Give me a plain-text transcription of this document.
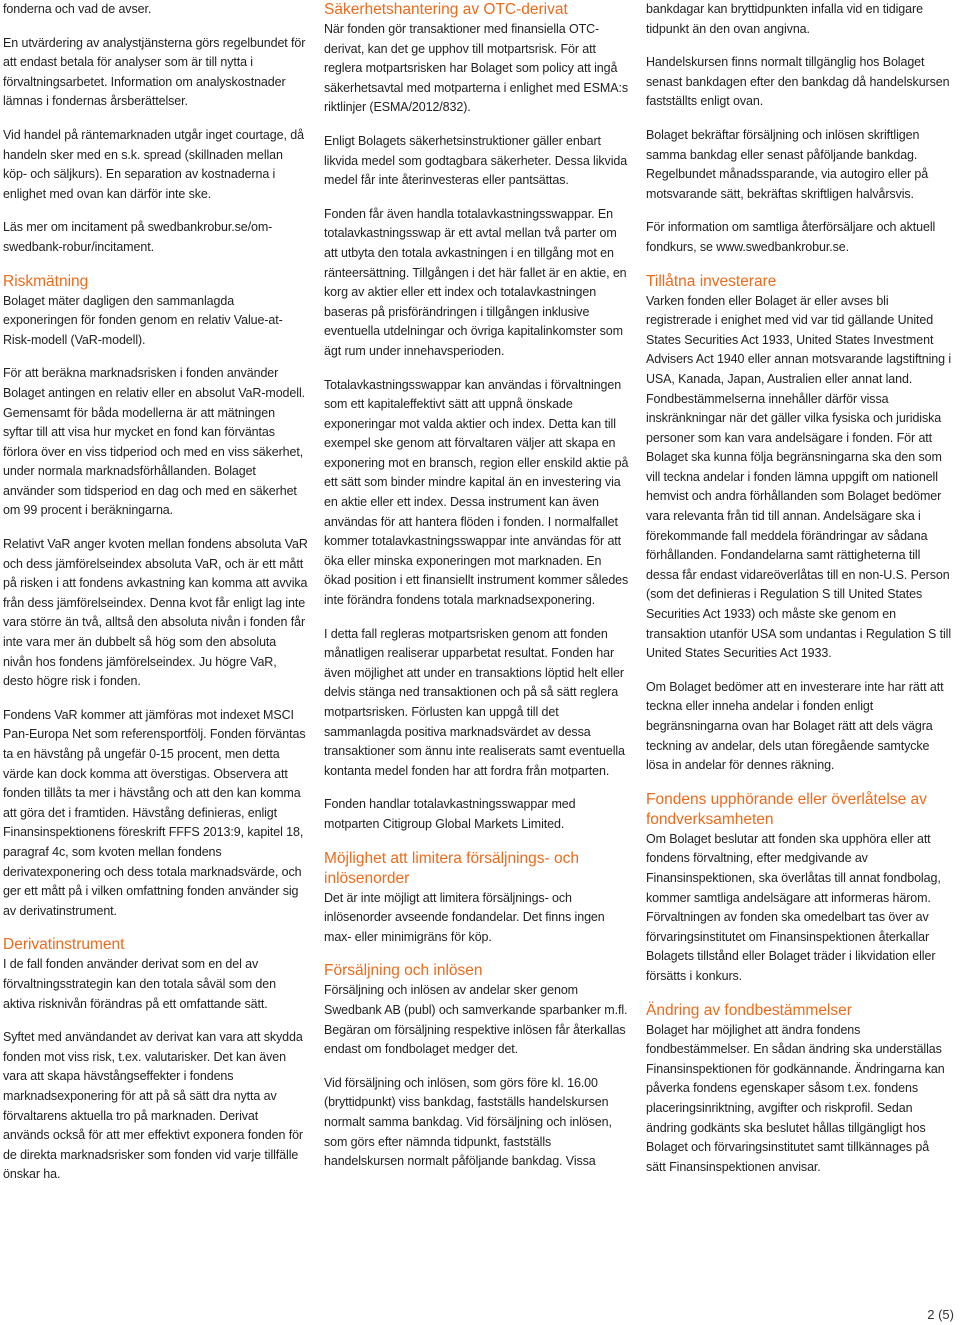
fonderna och vad de avser.

En utvärdering av analystjänsterna görs regelbundet för att endast betala för analyser som är till nytta i förvaltningsarbetet. Information om analyskostnader lämnas i fondernas årsberättelser.

Vid handel på räntemarknaden utgår inget courtage, då handeln sker med en s.k. spread (skillnaden mellan köp- och säljkurs). En separation av kostnaderna i enlighet med ovan kan därför inte ske.

Läs mer om incitament på swedbankrobur.se/om-swedbank-robur/incitament.

Riskmätning

Bolaget mäter dagligen den sammanlagda exponeringen för fonden genom en relativ Value-at-Risk-modell (VaR-modell).

För att beräkna marknadsrisken i fonden använder Bolaget antingen en relativ eller en absolut VaR-modell. Gemensamt för båda modellerna är att mätningen syftar till att visa hur mycket en fond kan förväntas förlora över en viss tidperiod och med en viss säkerhet, under normala marknadsförhållanden. Bolaget använder som tidsperiod en dag och med en säkerhet om 99 procent i beräkningarna.

Relativt VaR anger kvoten mellan fondens absoluta VaR och dess jämförelseindex absoluta VaR, och är ett mått på risken i att fondens avkastning kan komma att avvika från dess jämförelseindex. Denna kvot får enligt lag inte vara större än två, alltså den absoluta nivån i fonden får inte vara mer än dubbelt så hög som den absoluta nivån hos fondens jämförelseindex. Ju högre VaR, desto högre risk i fonden.

Fondens VaR kommer att jämföras mot indexet MSCI Pan-Europa Net som referensportfölj. Fonden förväntas ta en hävstång på ungefär 0-15 procent, men detta värde kan dock komma att överstigas. Observera att fonden tillåts ta mer i hävstång och att den kan komma att göra det i framtiden. Hävstång definieras, enligt Finansinspektionens föreskrift FFFS 2013:9, kapitel 18, paragraf 4c, som kvoten mellan fondens derivatexponering och dess totala marknadsvärde, och ger ett mått på i vilken omfattning fonden använder sig av derivatinstrument.

Derivatinstrument

I de fall fonden använder derivat som en del av förvaltningsstrategin kan den totala såväl som den aktiva risknivån förändras på ett omfattande sätt.

Syftet med användandet av derivat kan vara att skydda fonden mot viss risk, t.ex. valutarisker. Det kan även vara att skapa hävstångseffekter i fondens marknadsexponering för att på så sätt dra nytta av förvaltarens aktuella tro på marknaden. Derivat används också för att mer effektivt exponera fonden för de direkta marknadsrisker som fonden vid varje tillfälle önskar ha.

Säkerhetshantering av OTC-derivat

När fonden gör transaktioner med finansiella OTC-derivat, kan det ge upphov till motpartsrisk. För att reglera motpartsrisken har Bolaget som policy att ingå säkerhetsavtal med motparterna i enlighet med ESMA:s riktlinjer (ESMA/2012/832).

Enligt Bolagets säkerhetsinstruktioner gäller enbart likvida medel som godtagbara säkerheter. Dessa likvida medel får inte återinvesteras eller pantsättas.

Fonden får även handla totalavkastningsswappar. En totalavkastningsswap är ett avtal mellan två parter om att utbyta den totala avkastningen i en tillgång mot en ränteersättning. Tillgången i det här fallet är en aktie, en korg av aktier eller ett index och totalavkastningen baseras på prisförändringen i tillgången inklusive eventuella utdelningar och övriga kapitalinkomster som ägt rum under innehavsperioden.

Totalavkastningsswappar kan användas i förvaltningen som ett kapitaleffektivt sätt att uppnå önskade exponeringar mot valda aktier och index. Detta kan till exempel ske genom att förvaltaren väljer att skapa en exponering mot en bransch, region eller enskild aktie på ett sätt som binder mindre kapital än en investering via en aktie eller ett index. Dessa instrument kan även användas för att hantera flöden i fonden. I normalfallet kommer totalavkastningsswappar inte användas för att öka eller minska exponeringen mot marknaden. En ökad position i ett finansiellt instrument kommer således inte förändra fondens totala marknadsexponering.

I detta fall regleras motpartsrisken genom att fonden månatligen realiserar upparbetat resultat. Fonden har även möjlighet att under en transaktions löptid helt eller delvis stänga ned transaktionen och på så sätt reglera motpartsrisken. Förlusten kan uppgå till det sammanlagda positiva marknadsvärdet av dessa transaktioner som ännu inte realiserats samt eventuella kontanta medel fonden har att fordra från motparten.

Fonden handlar totalavkastningsswappar med motparten Citigroup Global Markets Limited.

Möjlighet att limitera försäljnings- och inlösenorder

Det är inte möjligt att limitera försäljnings- och inlösenorder avseende fondandelar. Det finns ingen max- eller minimigräns för köp.

Försäljning och inlösen

Försäljning och inlösen av andelar sker genom Swedbank AB (publ) och samverkande sparbanker m.fl. Begäran om försäljning respektive inlösen får återkallas endast om fondbolaget medger det.

Vid försäljning och inlösen, som görs före kl. 16.00 (bryttidpunkt) viss bankdag, fastställs handelskursen normalt samma bankdag. Vid försäljning och inlösen, som görs efter nämnda tidpunkt, fastställs handelskursen normalt påföljande bankdag. Vissa

bankdagar kan bryttidpunkten infalla vid en tidigare tidpunkt än den ovan angivna.

Handelskursen finns normalt tillgänglig hos Bolaget senast bankdagen efter den bankdag då handelskursen fastställts enligt ovan.

Bolaget bekräftar försäljning och inlösen skriftligen samma bankdag eller senast påföljande bankdag. Regelbundet månadssparande, via autogiro eller på motsvarande sätt, bekräftas skriftligen halvårsvis.

För information om samtliga återförsäljare och aktuell fondkurs, se www.swedbankrobur.se.

Tillåtna investerare

Varken fonden eller Bolaget är eller avses bli registrerade i enighet med vid var tid gällande United States Securities Act 1933, United States Investment Advisers Act 1940 eller annan motsvarande lagstiftning i USA, Kanada, Japan, Australien eller annat land. Fondbestämmelserna innehåller därför vissa inskränkningar när det gäller vilka fysiska och juridiska personer som kan vara andelsägare i fonden. För att Bolaget ska kunna följa begränsningarna ska den som vill teckna andelar i fonden lämna uppgift om nationell hemvist och andra förhållanden som Bolaget bedömer vara relevanta från tid till annan. Andelsägare ska i förekommande fall meddela förändringar av sådana förhållanden. Fondandelarna samt rättigheterna till dessa får endast vidareöverlåtas till en non-U.S. Person (som det definieras i Regulation S till United States Securities Act 1933) och måste ske genom en transaktion utanför USA som undantas i Regulation S till United States Securities Act 1933.

Om Bolaget bedömer att en investerare inte har rätt att teckna eller inneha andelar i fonden enligt begränsningarna ovan har Bolaget rätt att dels vägra teckning av andelar, dels utan föregående samtycke lösa in andelar för dennes räkning.

Fondens upphörande eller överlåtelse av fondverksamheten

Om Bolaget beslutar att fonden ska upphöra eller att fondens förvaltning, efter medgivande av Finansinspektionen, ska överlåtas till annat fondbolag, kommer samtliga andelsägare att informeras härom. Förvaltningen av fonden ska omedelbart tas över av förvaringsinstitutet om Finansinspektionen återkallar Bolagets tillstånd eller Bolaget träder i likvidation eller försätts i konkurs.

Ändring av fondbestämmelser

Bolaget har möjlighet att ändra fondens fondbestämmelser. En sådan ändring ska underställas Finansinspektionen för godkännande. Ändringarna kan påverka fondens egenskaper såsom t.ex. fondens placeringsinriktning, avgifter och riskprofil. Sedan ändring godkänts ska beslutet hållas tillgängligt hos Bolaget och förvaringsinstitutet samt tillkännages på sätt Finansinspektionen anvisar.

2 (5)
